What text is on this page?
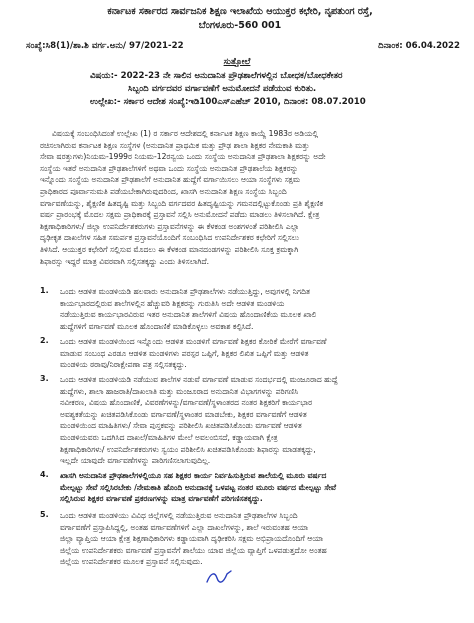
ಕರ್ನಾಟಕ ಸರ್ಕಾರದ ಸಾರ್ವಜನಿಕ ಶಿಕ್ಷಣ ಇಲಾಖೆಯ ಆಯುಕ್ತರ ಕಛೇರಿ, ನೃಪತುಂಗ ರಸ್ತೆ,
ಬೆಂಗಳೂರು-560 001
ಸಂಖ್ಯೆ:ಸಿ8(1)/ಶಾ.ಶಿ ವರ್ಗ.ಅನು/ 97/2021-22	ದಿನಾಂಕ: 06.04.2022
ಸುತ್ತೋಲೆ
ವಿಷಯ:- 2022-23 ನೇ ಸಾಲಿನ ಅನುದಾನಿತ ಪ್ರೌಢಶಾಲೆಗಳಲ್ಲಿನ ಬೋಧಕ/ಬೋಧಕೇತರ
ಸಿಬ್ಬಂದಿ ವರ್ಗದವರ ವರ್ಗಾವಣೆಗೆ ಅನುಮೋದನೆ ಪಡೆಯುವ ಕುರಿತು.
ಉಲ್ಲೇಖ:- ಸರ್ಕಾರ ಆದೇಶ ಸಂಖ್ಯೆ:ಇಡಿ100ಎಸ್‌ಎಹೆಚ್ 2010, ದಿನಾಂಕ: 08.07.2010
ವಿಷಯಕ್ಕೆ ಸಂಬಂಧಿಸಿದಂತೆ ಉಲ್ಲೇಖ (1) ರ ಸರ್ಕಾರ ಆದೇಶದಲ್ಲಿ ಕರ್ನಾಟಕ ಶಿಕ್ಷಣ ಕಾಯ್ದೆ 1983ರ ಅಡಿಯಲ್ಲಿ
ರಚಿಸಲಾಗಿರುವ ಕರ್ನಾಟಕ ಶಿಕ್ಷಣ ಸಂಸ್ಥೆಗಳ (ಅನುದಾನಿತ ಪ್ರಾಥಮಿಕ ಮತ್ತು ಪ್ರೌಢ ಶಾಲಾ ಶಿಕ್ಷಕರ ನೇಮಕಾತಿ ಮತ್ತು
ಸೇವಾ ಷರತ್ತುಗಳು)ನಿಯಮ-1999ರ ನಿಯಮ-12ರನ್ವಯ ಒಂದು ಸಂಸ್ಥೆಯ ಅನುದಾನಿತ ಪ್ರೌಢಶಾಲಾ ಶಿಕ್ಷಕರನ್ನು ಅದೇ
ಸಂಸ್ಥೆಯ ಇತರೆ ಅನುದಾನಿತ ಪ್ರೌಢಶಾಲೆಗಳಿಗೆ ಅಥವಾ ಒಂದು ಸಂಸ್ಥೆಯ ಅನುದಾನಿತ ಪ್ರೌಢಶಾಲೆಯ ಶಿಕ್ಷಕರನ್ನು
ಇನ್ನೊಂದು ಸಂಸ್ಥೆಯ ಅನುದಾನಿತ ಪ್ರೌಢಶಾಲೆಗೆ ಅನುದಾನಿತ ಹುದ್ದೆಗೆ ವರ್ಗಾಯಿಸಲು ಆಯಾ ಸಂಸ್ಥೆಗಳು ಸಕ್ಷಮ
ಪ್ರಾಧಿಕಾರದ ಪೂರ್ವಾನುಮತಿ ಪಡೆಯಬೇಕಾಗಿರುವುದರಿಂದ, ಖಾಸಗಿ ಅನುದಾನಿತ ಶಿಕ್ಷಣ ಸಂಸ್ಥೆಯ ಸಿಬ್ಬಂದಿ
ವರ್ಗಾವಣೆಯನ್ನು, ಶೈಕ್ಷಣಿಕ ಹಿತದೃಷ್ಟಿ ಮತ್ತು ಸಿಬ್ಬಂದಿ ವರ್ಗದವರ ಹಿತದೃಷ್ಟಿಯನ್ನು ಗಮನದಲ್ಲಿಟ್ಟುಕೊಂಡು ಪ್ರತಿ ಶೈಕ್ಷಣಿಕ
ವರ್ಷ ಪ್ರಾರಂಭಕ್ಕೆ ಮೊದಲ ಸಕ್ಷಮ ಪ್ರಾಧಿಕಾರಕ್ಕೆ ಪ್ರಸ್ತಾವನೆ ಸಲ್ಲಿಸಿ ಅನುಮೋದನೆ ಪಡೆದು ಮಾಡಲು ತಿಳಿಸಲಾಗಿದೆ. ಕ್ಷೇತ್ರ
ಶಿಕ್ಷಣಾಧಿಕಾರಿಗಳು/ ಜಿಲ್ಲಾ ಉಪನಿರ್ದೇಶಕರುಗಳು ಪ್ರಸ್ತಾವನೆಗಳನ್ನು ಈ ಕೆಳಕಂಡ ಅಂಶಗಳಂತೆ ಪರಿಶೀಲಿಸಿ ಎಲ್ಲಾ
ದೃಢೀಕೃತ ದಾಖಲೆಗಳ ಸಹಿತ ಸಮರ್ಪಕ ಪ್ರಸ್ತಾವನೆಯೊಂದಿಗೆ ಸಂಬಂಧಿಸಿದ ಉಪನಿರ್ದೇಶಕರ ಕಛೇರಿಗೆ ಸಲ್ಲಿಸಲು
ತಿಳಿಸಿದೆ. ಆಯುಕ್ತರ ಕಛೇರಿಗೆ ಸಲ್ಲಿಸುವ ಮೊದಲು ಈ ಕೆಳಕಂಡ ಮಾನದಂಡಗಳನ್ನು ಪರಿಶೀಲಿಸಿ ಸೂಕ್ತ ಕ್ರಮಕ್ಕಾಗಿ
ಶಿಫಾರಸ್ಸು ಇದ್ದರೆ ಮಾತ್ರ ವಿವರವಾಗಿ ಸಲ್ಲಿಸತಕ್ಕದ್ದು ಎಂದು ತಿಳಿಸಲಾಗಿದೆ.
1. ಒಂದು ಆಡಳಿತ ಮಂಡಳಿಯಡಿ ಹಲವಾರು ಅನುದಾನಿತ ಪ್ರೌಢಶಾಲೆಗಳು ನಡೆಯುತ್ತಿದ್ದು, ಅವುಗಳಲ್ಲಿ ನಿಗದಿತ
ಕಾರ್ಯಭಾರದಲ್ಲಿರುವ ಶಾಲೆಗಳಲ್ಲಿನ ಹೆಚ್ಚುವರಿ ಶಿಕ್ಷಕರನ್ನು ಗುರುತಿಸಿ ಅದೇ ಆಡಳಿತ ಮಂಡಳಿಯ
ನಡೆಯುತ್ತಿರುವ ಕಾರ್ಯಭಾರವಿರುವ ಇತರ ಅನುದಾನಿತ ಶಾಲೆಗಳಿಗೆ ವಿಷಯ ಹೊಂದಾಣಿಕೆಯ ಮೂಲಕ ಖಾಲಿ
ಹುದ್ದೆಗಳಿಗೆ ವರ್ಗಾವಣೆ ಮೂಲಕ ಹೊಂದಾಣಿಕೆ ಮಾಡಿಕೊಳ್ಳಲು ಅವಕಾಶ ಕಲ್ಪಿಸಿದೆ.
2. ಒಂದು ಆಡಳಿತ ಮಂಡಳಿಯಿಂದ ಇನ್ನೊಂದು ಆಡಳಿತ ಮಂಡಳಿಗೆ ವರ್ಗಾವಣೆ ಶಿಕ್ಷಕರ ಕೋರಿಕೆ ಮೇರೆಗೆ ವರ್ಗಾವಣೆ
ಮಾಡುವ ಸಂಬಂಧ ಎರಡೂ ಆಡಳಿತ ಮಂಡಳಿಗಳು ಪರಸ್ಪರ ಒಪ್ಪಿಗೆ, ಶಿಕ್ಷಕರ ಲಿಖಿತ ಒಪ್ಪಿಗೆ ಮತ್ತು ಆಡಳಿತ
ಮಂಡಳಿಯ ಠರಾವು/ನಿರಾಕ್ಷೇಪಣಾ ಪತ್ರ ಸಲ್ಲಿಸತಕ್ಕದ್ದು.
3. ಒಂದು ಆಡಳಿತ ಮಂಡಳಿಯಡಿ ನಡೆಯುವ ಶಾಲೆಗಳ ನಡುವೆ ವರ್ಗಾವಣೆ ಮಾಡುವ ಸಂದರ್ಭದಲ್ಲಿ ಮಂಜೂರಾದ ಹುದ್ದೆ
ಹುದ್ದೆಗಳು, ಶಾಲಾ ಹಾಜರಾತಿ/ದಾಖಲಾತಿ ಮತ್ತು ಮಂಜೂರಾದ ಅನುದಾನಿತ ವಿಭಾಗಗಳನ್ನು ಪರಿಗಣಿಸಿ
ನವೀಕರಣ, ವಿಷಯ ಹೊಂದಾಣಿಕೆ, ವಿವರಣೆಗಳನ್ನು/ವರ್ಗಾವಣೆ/ಸ್ಥಳಾಂತರದ ನಂತರ ಶಿಕ್ಷಕರಿಗೆ ಕಾರ್ಯಭಾರ
ಅವಶ್ಯಕತೆಯನ್ನು ಖಚಿತಪಡಿಸಿಕೊಂಡು ವರ್ಗಾವಣೆ/ಸ್ಥಳಾಂತರ ಮಾಡಬೇಕು, ಶಿಕ್ಷಕರ ವರ್ಗಾವಣೆಗೆ ಆಡಳಿತ
ಮಂಡಳಿಯಿಂದ ಮಾಹಿತಿಗಳು/ ಸೇವಾ ಪುಸ್ತಕವನ್ನು ಪರಿಶೀಲಿಸಿ ಖಚಿತಪಡಿಸಿಕೊಂಡು ವರ್ಗಾವಣೆ ಆಡಳಿತ
ಮಂಡಳಿಯವರು ಒದಗಿಸಿದ ದಾಖಲೆ/ಮಾಹಿತಿಗಳ ಮೇಲೆ ಅವಲಂಬಿಸದೆ, ಕಡ್ಡಾಯವಾಗಿ ಕ್ಷೇತ್ರ
ಶಿಕ್ಷಣಾಧಿಕಾರಿಗಳು/ ಉಪನಿರ್ದೇಶಕರುಗಳು ಸ್ವಯಂ ಪರಿಶೀಲಿಸಿ ಖಚಿತಪಡಿಸಿಕೊಂಡು ಶಿಫಾರಸ್ಸು ಮಾಡತಕ್ಕದ್ದು,
ಇಲ್ಲದೇ ಯಾವುದೇ ವರ್ಗಾವಣೆಗಳನ್ನು ಪಾರಿಗಣಿಸಲಾಗುವುದಿಲ್ಲ.
4. ಖಾಸಗಿ ಅನುದಾನಿತ ಪ್ರೌಢಶಾಲೆಗಳಲ್ಲಿಯೂ ಸಹ ಶಿಕ್ಷಕರ ಕಾರ್ಯ ನಿರ್ವಹಿಸುತ್ತಿರುವ ಶಾಲೆಯಲ್ಲಿ ಮೂರು ವರ್ಷದ
ಮೇಲ್ಪಟ್ಟು ಸೇವೆ ಸಲ್ಲಿಸಿರಬೇಕು /ನೇಮಕಾತಿ ಹೊಂದಿ ಅನುದಾನಕ್ಕೆ ಒಳಪಟ್ಟ ನಂತರ ಮೂರು ವರ್ಷದ ಮೇಲ್ಪಟ್ಟು ಸೇವೆ
ಸಲ್ಲಿಸಿರುವ ಶಿಕ್ಷಕರ ವರ್ಗಾವಣೆ ಪ್ರಕರಣಗಳನ್ನು ಮಾತ್ರ ವರ್ಗಾವಣೆಗೆ ಪರಿಗಣಿಸತಕ್ಕದ್ದು.
5. ಒಂದು ಆಡಳಿತ ಮಂಡಳಿಯು ವಿವಿಧ ಜಿಲ್ಲೆಗಳಲ್ಲಿ ನಡೆಯುತ್ತಿರುವ ಅನುದಾನಿತ ಪ್ರೌಢಶಾಲೆಗಳ ಸಿಬ್ಬಂದಿ
ವರ್ಗಾವಣೆಗೆ ಪ್ರಸ್ತಾಪಿಸಿದ್ದಲ್ಲಿ, ಅಂತಹ ವರ್ಗಾವಣೆಗಳಿಗೆ ಎಲ್ಲಾ ದಾಖಲೆಗಳನ್ನು, ಶಾಲೆ ಇರುವಂತಹ ಆಯಾ
ಜಿಲ್ಲಾ ವ್ಯಾಪ್ತಿಯ ಆಯಾ ಕ್ಷೇತ್ರ ಶಿಕ್ಷಣಾಧಿಕಾರಿಗಳು ಕಡ್ಡಾಯವಾಗಿ ದೃಢೀಕರಿಸಿ ಸಕ್ಷಮ ಅಭಿಪ್ರಾಯದೊಂದಿಗೆ ಆಯಾ
ಜಿಲ್ಲೆಯ ಉಪನಿರ್ದೇಶಕರು ವರ್ಗಾವಣೆ ಪ್ರಸ್ತಾವನೆಗೆ ಶಾಲೆಯು ಯಾವ ಜಿಲ್ಲೆಯ ವ್ಯಾಪ್ತಿಗೆ ಒಳಪಡುತ್ತದೋ ಅಂತಹ
ಜಿಲ್ಲೆಯ ಉಪನಿರ್ದೇಶಕರ ಮೂಲಕ ಪ್ರಸ್ತಾವನೆ ಸಲ್ಲಿಸುವುದು.
